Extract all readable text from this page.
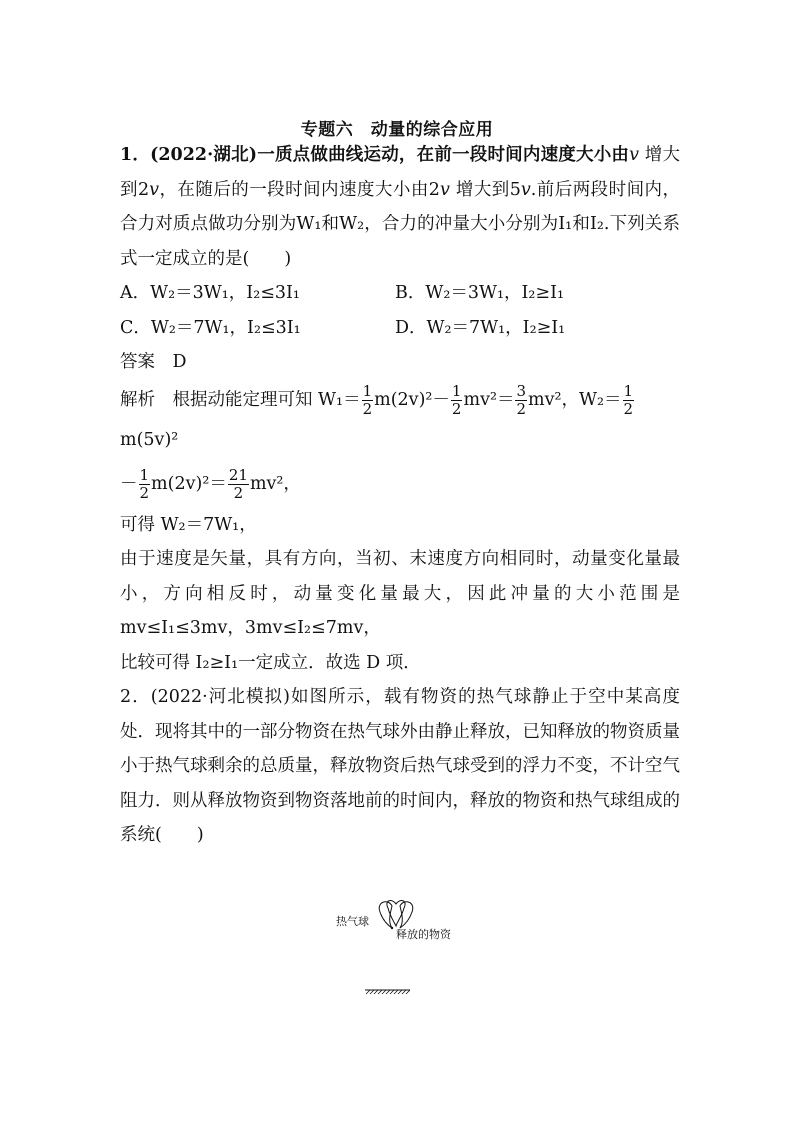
专题六　动量的综合应用

1．(2022·湖北)一质点做曲线运动，在前一段时间内速度大小由v 增大到2v，在随后的一段时间内速度大小由2v 增大到5v.前后两段时间内，合力对质点做功分别为W₁和W₂，合力的冲量大小分别为I₁和I₂.下列关系式一定成立的是(　　)

A．W₂＝3W₁，I₂≤3I₁	B．W₂＝3W₁，I₂≥I₁
C．W₂＝7W₁，I₂≤3I₁	D．W₂＝7W₁，I₂≥I₁

答案　D

解析　根据动能定理可知 $W_1= \frac{1}{2} m(2v)^2- \frac{1}{2} mv^2= \frac{3}{2} mv^2$，$W_2= \frac{1}{2}$
m(5v)²

－ $\frac{1}{2} m(2v)^2= \frac{21}{2} mv^2$，

可得 W₂＝7W₁，

由于速度是矢量，具有方向，当初、末速度方向相同时，动量变化量最小，方向相反时，动量变化量最大，因此冲量的大小范围是 mv≤I₁≤3mv，3mv≤I₂≤7mv，

比较可得 I₂≥I₁一定成立．故选 D 项．

2．(2022·河北模拟)如图所示，载有物资的热气球静止于空中某高度处．现将其中的一部分物资在热气球外由静止释放，已知释放的物资质量小于热气球剩余的总质量，释放物资后热气球受到的浮力不变，不计空气阻力．则从释放物资到物资落地前的时间内，释放的物资和热气球组成的系统(　　)

热气球
释放的物资
